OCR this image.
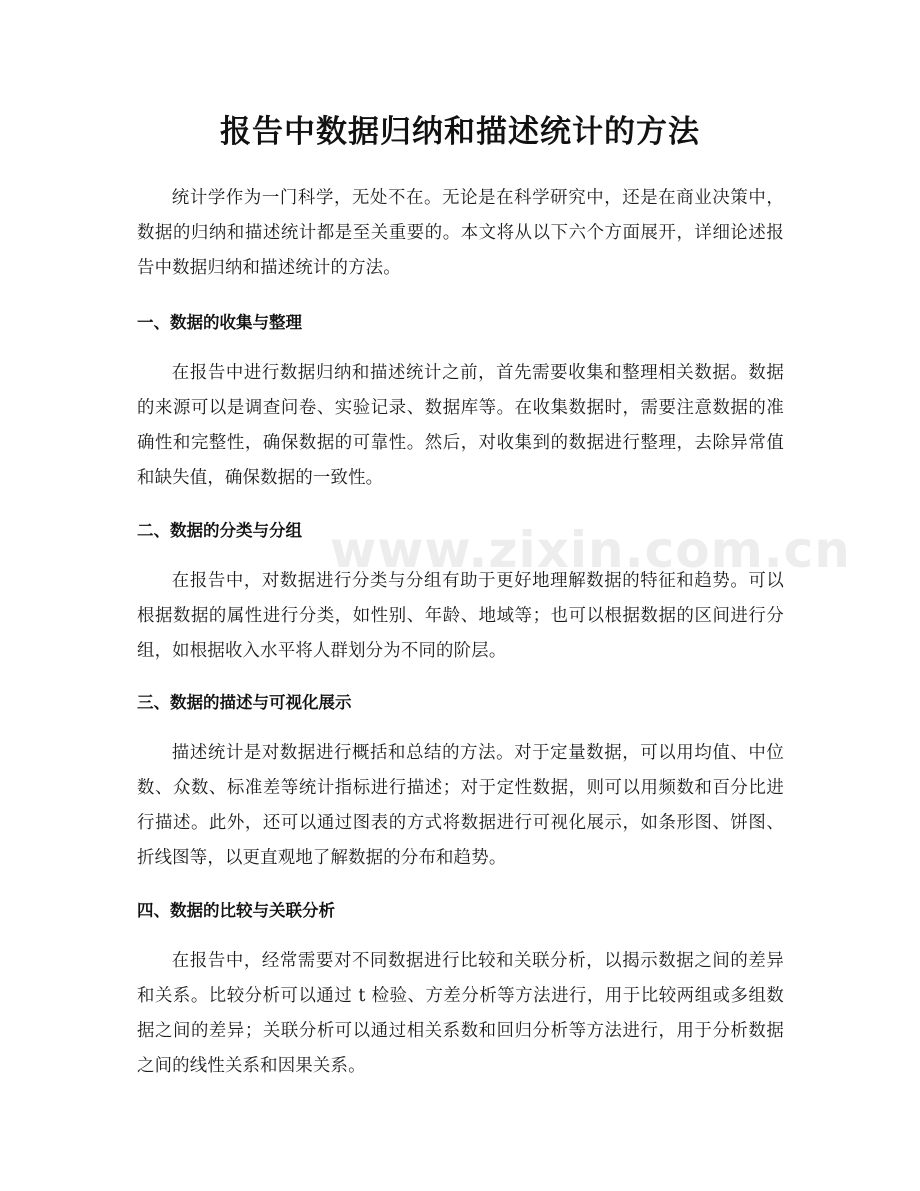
www.zixin.com.cn
报告中数据归纳和描述统计的方法

统计学作为一门科学，无处不在。无论是在科学研究中，还是在商业决策中，数据的归纳和描述统计都是至关重要的。本文将从以下六个方面展开，详细论述报告中数据归纳和描述统计的方法。

一、数据的收集与整理

在报告中进行数据归纳和描述统计之前，首先需要收集和整理相关数据。数据的来源可以是调查问卷、实验记录、数据库等。在收集数据时，需要注意数据的准确性和完整性，确保数据的可靠性。然后，对收集到的数据进行整理，去除异常值和缺失值，确保数据的一致性。

二、数据的分类与分组

在报告中，对数据进行分类与分组有助于更好地理解数据的特征和趋势。可以根据数据的属性进行分类，如性别、年龄、地域等；也可以根据数据的区间进行分组，如根据收入水平将人群划分为不同的阶层。

三、数据的描述与可视化展示

描述统计是对数据进行概括和总结的方法。对于定量数据，可以用均值、中位数、众数、标准差等统计指标进行描述；对于定性数据，则可以用频数和百分比进行描述。此外，还可以通过图表的方式将数据进行可视化展示，如条形图、饼图、折线图等，以更直观地了解数据的分布和趋势。

四、数据的比较与关联分析

在报告中，经常需要对不同数据进行比较和关联分析，以揭示数据之间的差异和关系。比较分析可以通过 t 检验、方差分析等方法进行，用于比较两组或多组数据之间的差异；关联分析可以通过相关系数和回归分析等方法进行，用于分析数据之间的线性关系和因果关系。
